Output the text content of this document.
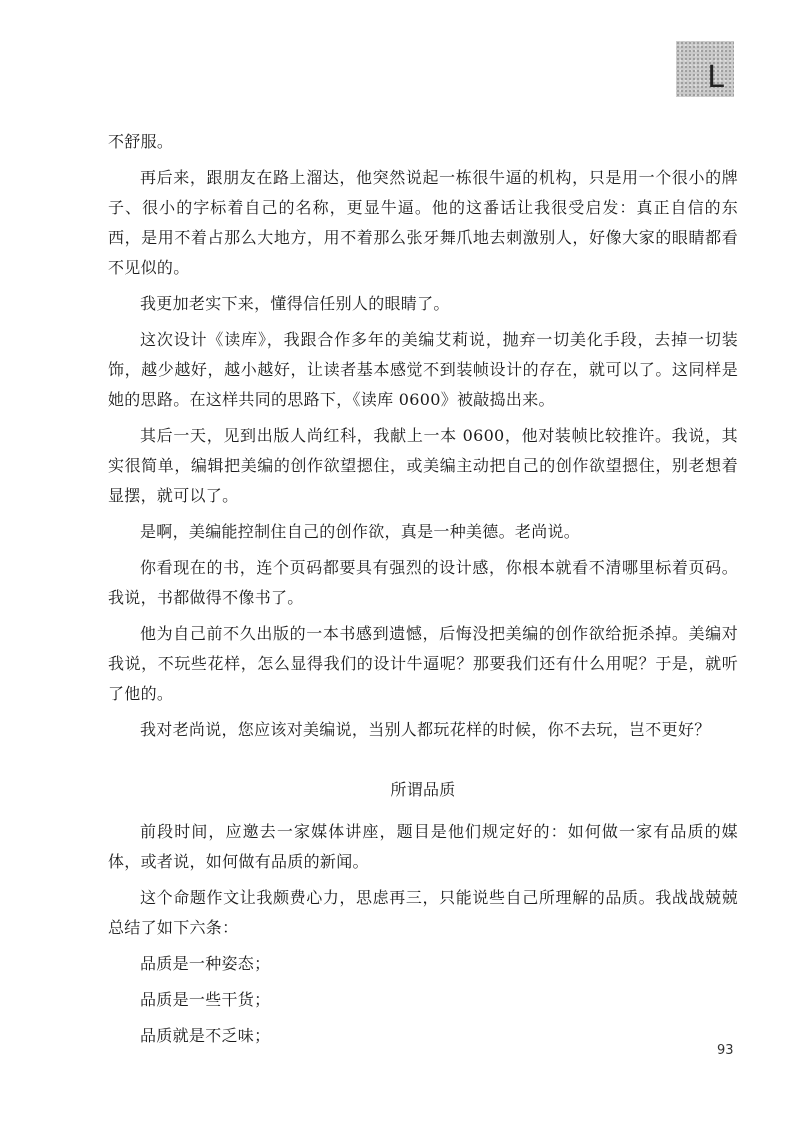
L

不舒服。

再后来，跟朋友在路上溜达，他突然说起一栋很牛逼的机构，只是用一个很小的牌子、很小的字标着自己的名称，更显牛逼。他的这番话让我很受启发：真正自信的东西，是用不着占那么大地方，用不着那么张牙舞爪地去刺激别人，好像大家的眼睛都看不见似的。

我更加老实下来，懂得信任别人的眼睛了。

这次设计《读库》，我跟合作多年的美编艾莉说，抛弃一切美化手段，去掉一切装饰，越少越好，越小越好，让读者基本感觉不到装帧设计的存在，就可以了。这同样是她的思路。在这样共同的思路下，《读库 0600》被敲捣出来。

其后一天，见到出版人尚红科，我献上一本 0600，他对装帧比较推许。我说，其实很简单，编辑把美编的创作欲望摁住，或美编主动把自己的创作欲望摁住，别老想着显摆，就可以了。

是啊，美编能控制住自己的创作欲，真是一种美德。老尚说。

你看现在的书，连个页码都要具有强烈的设计感，你根本就看不清哪里标着页码。我说，书都做得不像书了。

他为自己前不久出版的一本书感到遗憾，后悔没把美编的创作欲给扼杀掉。美编对我说，不玩些花样，怎么显得我们的设计牛逼呢？那要我们还有什么用呢？于是，就听了他的。

我对老尚说，您应该对美编说，当别人都玩花样的时候，你不去玩，岂不更好？

所谓品质

前段时间，应邀去一家媒体讲座，题目是他们规定好的：如何做一家有品质的媒体，或者说，如何做有品质的新闻。

这个命题作文让我颇费心力，思虑再三，只能说些自己所理解的品质。我战战兢兢总结了如下六条：

品质是一种姿态；

品质是一些干货；

品质就是不乏味；

93
